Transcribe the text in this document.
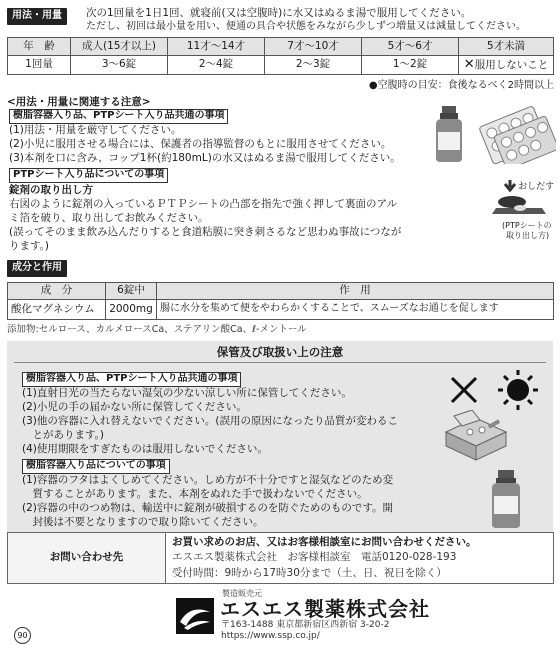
用法・用量	次の1回量を1日1回、就寝前(又は空腹時)に水又はぬるま湯で服用してください。
ただし、初回は最小量を用い、便通の具合や状態をみながら少しずつ増量又は減量してください。
年　齢	成人(15才以上)	11才〜14才	7才〜10才	5才〜6才	5才未満
1回量	3〜6錠	2〜4錠	2〜3錠	1〜2錠	✕服用しないこと
●空腹時の目安：食後なるべく2時間以上
<用法・用量に関連する注意>
樹脂容器入り品、PTPシート入り品共通の事項
(1)用法・用量を厳守してください。
(2)小児に服用させる場合には、保護者の指導監督のもとに服用させてください。
(3)本剤を口に含み、コップ1杯(約180mL)の水又はぬるま湯で服用してください。
PTPシート入り品についての事項
錠剤の取り出し方
右図のように錠剤の入っているＰＴＰシートの凸部を指先で強く押して裏面のアル
ミ箔を破り、取り出してお飲みください。
(誤ってそのまま飲み込んだりすると食道粘膜に突き刺さるなど思わぬ事故につなが
ります。)
おしだす
(PTPシートの
取り出し方)
成分と作用
成　分	6錠中	作　用
酸化マグネシウム	2000mg	腸に水分を集めて便をやわらかくすることで、スムーズなお通じを促します
添加物:セルロース、カルメロースCa、ステアリン酸Ca、ℓ-メントール
保管及び取扱い上の注意
樹脂容器入り品、PTPシート入り品共通の事項
(1)直射日光の当たらない湿気の少ない涼しい所に保管してください。
(2)小児の手の届かない所に保管してください。
(3)他の容器に入れ替えないでください。(誤用の原因になったり品質が変わるこ
　とがあります。)
(4)使用期限をすぎたものは服用しないでください。
樹脂容器入り品についての事項
(1)容器のフタはよくしめてください。しめ方が不十分ですと湿気などのため変
　質することがあります。また、本剤をぬれた手で扱わないでください。
(2)容器の中のつめ物は、輸送中に錠剤が破損するのを防ぐためのものです。開
　封後は不要となりますので取り除いてください。
お問い合わせ先	
お買い求めのお店、又はお客様相談室にお問い合わせください。
エスエス製薬株式会社　お客様相談室　電話0120-028-193
受付時間：9時から17時30分まで（土、日、祝日を除く）
製造販売元
エスエス製薬株式会社
〒163-1488 東京都新宿区西新宿 3-20-2
https://www.ssp.co.jp/
90
